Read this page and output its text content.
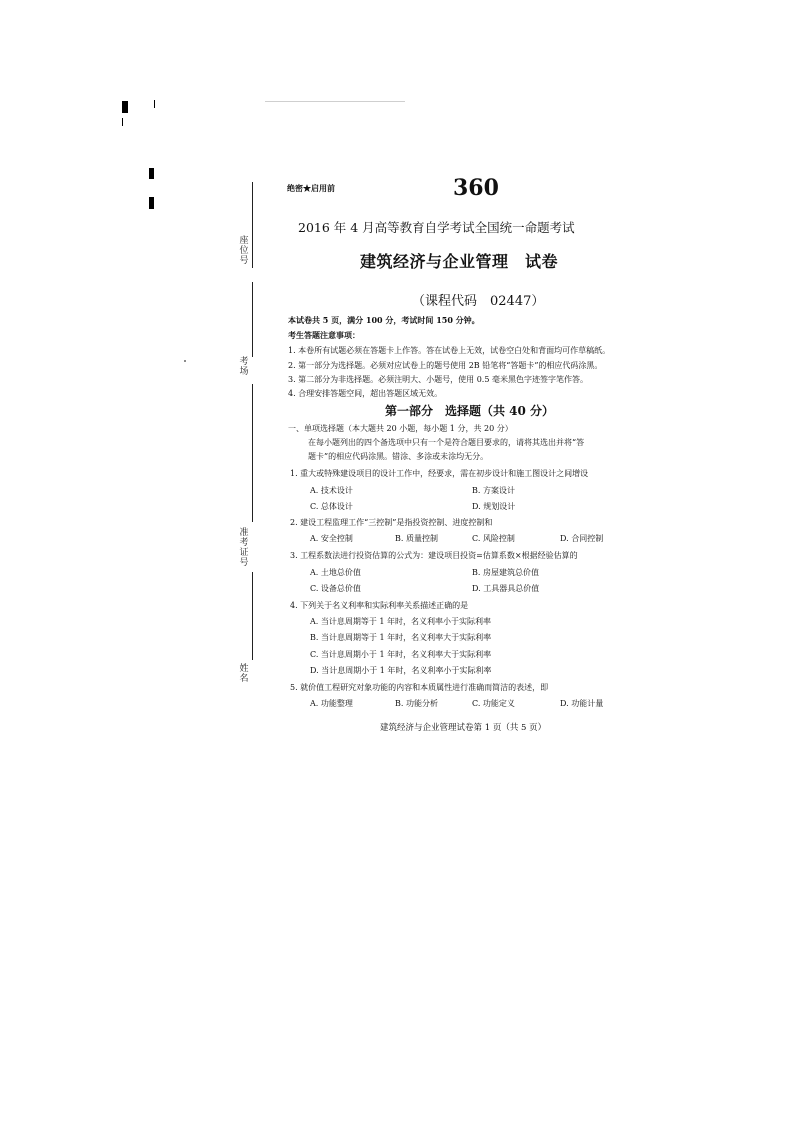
座位号
考场
准考证号
姓名
绝密★启用前	360
2016 年 4 月高等教育自学考试全国统一命题考试
建筑经济与企业管理　试卷
（课程代码　02447）
本试卷共 5 页，满分 100 分，考试时间 150 分钟。
考生答题注意事项：
1. 本卷所有试题必须在答题卡上作答。答在试卷上无效，试卷空白处和背面均可作草稿纸。
2. 第一部分为选择题。必须对应试卷上的题号使用 2B 铅笔将“答题卡”的相应代码涂黑。
3. 第二部分为非选择题。必须注明大、小题号，使用 0.5 毫米黑色字迹签字笔作答。
4. 合理安排答题空间，超出答题区域无效。
第一部分　选择题（共 40 分）
一、单项选择题（本大题共 20 小题，每小题 1 分，共 20 分）
在每小题列出的四个备选项中只有一个是符合题目要求的，请将其选出并将“答
题卡”的相应代码涂黑。错涂、多涂或未涂均无分。
1. 重大或特殊建设项目的设计工作中，经要求，需在初步设计和施工图设计之间增设
A. 技术设计	B. 方案设计
C. 总体设计	D. 规划设计
2. 建设工程监理工作“三控制”是指投资控制、进度控制和
A. 安全控制	B. 质量控制	C. 风险控制	D. 合同控制
3. 工程系数法进行投资估算的公式为：建设项目投资=估算系数×根据经验估算的
A. 土地总价值	B. 房屋建筑总价值
C. 设备总价值	D. 工具器具总价值
4. 下列关于名义利率和实际利率关系描述正确的是
A. 当计息周期等于 1 年时，名义利率小于实际利率
B. 当计息周期等于 1 年时，名义利率大于实际利率
C. 当计息周期小于 1 年时，名义利率大于实际利率
D. 当计息周期小于 1 年时，名义利率小于实际利率
5. 就价值工程研究对象功能的内容和本质属性进行准确而简洁的表述，即
A. 功能整理	B. 功能分析	C. 功能定义	D. 功能计量
建筑经济与企业管理试卷第 1 页（共 5 页）
